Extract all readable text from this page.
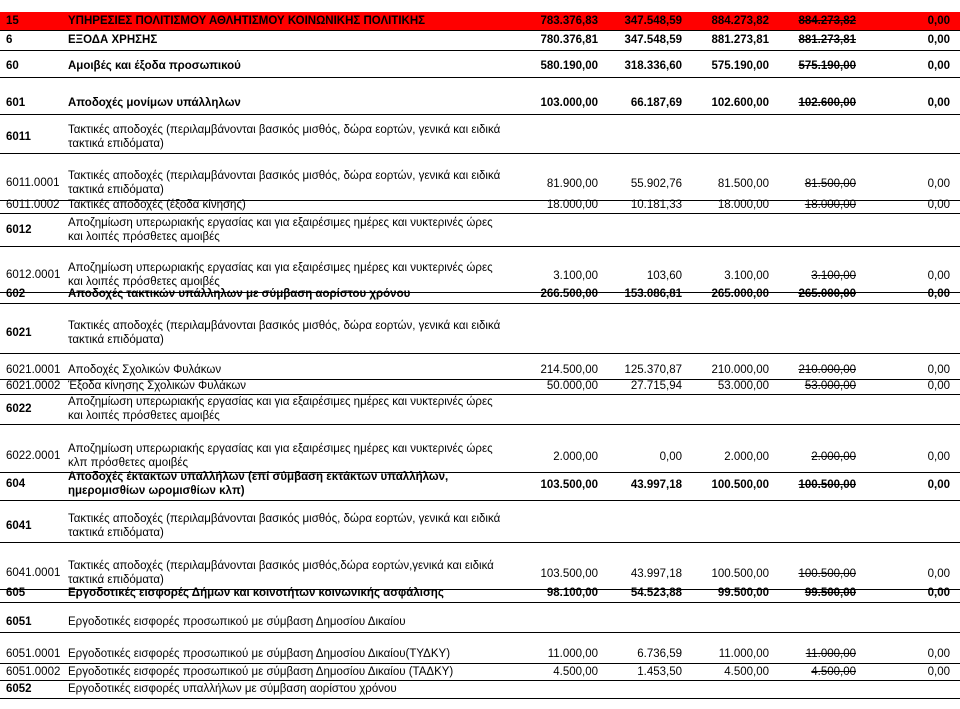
15	ΥΠΗΡΕΣΙΕΣ ΠΟΛΙΤΙΣΜΟΥ ΑΘΛΗΤΙΣΜΟΥ ΚΟΙΝΩΝΙΚΗΣ ΠΟΛΙΤΙΚΗΣ	783.376,83 347.548,59	884.273,82	884.273,82	0,00
6	ΕΞΟΔΑ ΧΡΗΣΗΣ	780.376,81 347.548,59	881.273,81	881.273,81	0,00
60	Αμοιβές και έξοδα προσωπικού	580.190,00 318.336,60	575.190,00	575.190,00	0,00
601	Αποδοχές μονίμων υπάλληλων	103.000,00	66.187,69	102.600,00	102.600,00	0,00
6011
Τακτικές αποδοχές (περιλαμβάνονται βασικός μισθός, δώρα εορτών, γενικά και ειδικά
τακτικά επιδόματα)
6011.0001
Τακτικές αποδοχές (περιλαμβάνονται βασικός μισθός, δώρα εορτών, γενικά και ειδικά
τακτικά επιδόματα)	81.900,00	55.902,76	81.500,00	81.500,00	0,00
6011.0002 Τακτικές αποδοχές (έξοδα κίνησης)	18.000,00	10.181,33	18.000,00	18.000,00	0,00
6012
Αποζημίωση υπερωριακής εργασίας και για εξαιρέσιμες ημέρες και νυκτερινές ώρες
και λοιπές πρόσθετες αμοιβές
6012.0001
Αποζημίωση υπερωριακής εργασίας και για εξαιρέσιμες ημέρες και νυκτερινές ώρες
και λοιπές πρόσθετες αμοιβές	3.100,00	103,60	3.100,00	3.100,00	0,00
602	Αποδοχές τακτικών υπάλληλων με σύμβαση αορίστου χρόνου	266.500,00 153.086,81	265.000,00	265.000,00	0,00
6021
Τακτικές αποδοχές (περιλαμβάνονται βασικός μισθός, δώρα εορτών, γενικά και ειδικά
τακτικά επιδόματα)
6021.0001 Αποδοχές Σχολικών Φυλάκων	214.500,00 125.370,87	210.000,00	210.000,00	0,00
6021.0002 Έξοδα κίνησης Σχολικών Φυλάκων	50.000,00	27.715,94	53.000,00	53.000,00	0,00
6022
Αποζημίωση υπερωριακής εργασίας και για εξαιρέσιμες ημέρες και νυκτερινές ώρες
και λοιπές πρόσθετες αμοιβές
6022.0001
Αποζημίωση υπερωριακής εργασίας και για εξαιρέσιμες ημέρες και νυκτερινές ώρες
κλπ πρόσθετες αμοιβές	2.000,00	0,00	2.000,00	2.000,00	0,00
604
Αποδοχές έκτακτων υπαλλήλων (επί σύμβαση εκτάκτων υπαλλήλων,
ημερομισθίων ωρομισθίων κλπ)	103.500,00	43.997,18	100.500,00	100.500,00	0,00
6041
Τακτικές αποδοχές (περιλαμβάνονται βασικός μισθός, δώρα εορτών, γενικά και ειδικά
τακτικά επιδόματα)
6041.0001
Τακτικές αποδοχές (περιλαμβάνονται βασικός μισθός,δώρα εορτών,γενικά και ειδικά
τακτικά επιδόματα)	103.500,00	43.997,18	100.500,00	100.500,00	0,00
605	Εργοδοτικές εισφορές Δήμων και κοινοτήτων κοινωνικής ασφάλισης	98.100,00	54.523,88	99.500,00	99.500,00	0,00
6051	Εργοδοτικές εισφορές προσωπικού με σύμβαση Δημοσίου Δικαίου
6051.0001 Εργοδοτικές εισφορές προσωπικού με σύμβαση Δημοσίου Δικαίου(ΤΥΔΚΥ)	11.000,00	6.736,59	11.000,00	11.000,00	0,00
6051.0002 Εργοδοτικές εισφορές προσωπικού με σύμβαση Δημοσίου Δικαίου (ΤΑΔΚΥ)	4.500,00	1.453,50	4.500,00	4.500,00	0,00
6052	Εργοδοτικές εισφορές υπαλλήλων με σύμβαση αορίστου χρόνου
